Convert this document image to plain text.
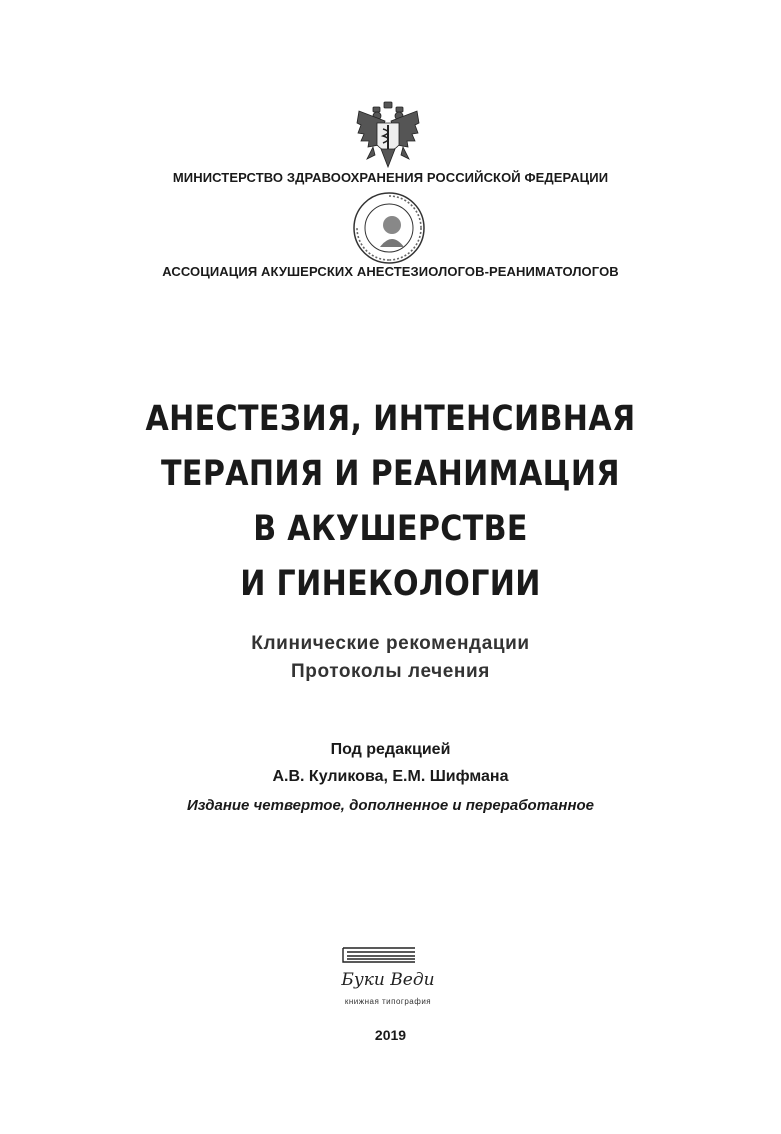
МИНИСТЕРСТВО ЗДРАВООХРАНЕНИЯ РОССИЙСКОЙ ФЕДЕРАЦИИ
АССОЦИАЦИЯ АКУШЕРСКИХ АНЕСТЕЗИОЛОГОВ-РЕАНИМАТОЛОГОВ
АНЕСТЕЗИЯ, ИНТЕНСИВНАЯ
ТЕРАПИЯ И РЕАНИМАЦИЯ
В АКУШЕРСТВЕ
И ГИНЕКОЛОГИИ
Клинические рекомендации
Протоколы лечения
Под редакцией
А.В. Куликова, Е.М. Шифмана
Издание четвертое, дополненное и переработанное
Буки Веди
книжная типография
2019
